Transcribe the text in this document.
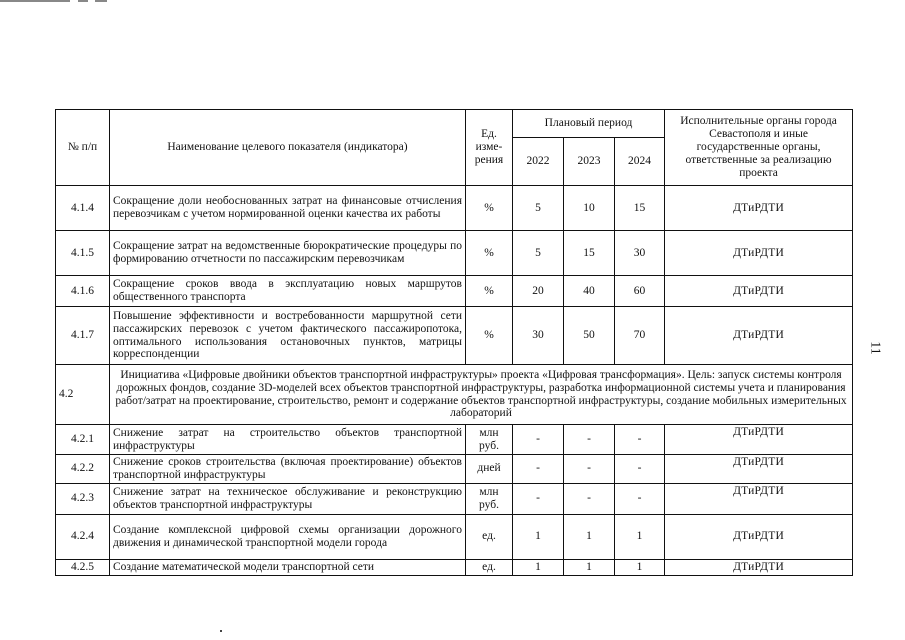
№ п/п	Наименование целевого показателя (индикатора)	Ед. изме-рения	Плановый период			Исполнительные органы города Севастополя и иные государственные органы, ответственные за реализацию проекта
			2022	2023	2024	
4.1.4	Сокращение доли необоснованных затрат на финансовые отчисления перевозчикам с учетом нормированной оценки качества их работы	%	5	10	15	ДТиРДТИ
4.1.5	Сокращение затрат на ведомственные бюрократические процедуры по формированию отчетности по пассажирским перевозчикам	%	5	15	30	ДТиРДТИ
4.1.6	Сокращение сроков ввода в эксплуатацию новых маршрутов общественного транспорта	%	20	40	60	ДТиРДТИ
4.1.7	Повышение эффективности и востребованности маршрутной сети пассажирских перевозок с учетом фактического пассажиропотока, оптимального использования остановочных пунктов, матрицы корреспонденции	%	30	50	70	ДТиРДТИ
4.2	Инициатива «Цифровые двойники объектов транспортной инфраструктуры» проекта «Цифровая трансформация». Цель: запуск системы контроля дорожных фондов, создание 3D-моделей всех объектов транспортной инфраструктуры, разработка информационной системы учета и планирования работ/затрат на проектирование, строительство, ремонт и содержание объектов транспортной инфраструктуры, создание мобильных измерительных лабораторий					
4.2.1	Снижение затрат на строительство объектов транспортной инфраструктуры	млн руб.	-	-	-	ДТиРДТИ
4.2.2	Снижение сроков строительства (включая проектирование) объектов транспортной инфраструктуры	дней	-	-	-	ДТиРДТИ
4.2.3	Снижение затрат на техническое обслуживание и реконструкцию объектов транспортной инфраструктуры	млн руб.	-	-	-	ДТиРДТИ
4.2.4	Создание комплексной цифровой схемы организации дорожного движения и динамической транспортной модели города	ед.	1	1	1	ДТиРДТИ
4.2.5	Создание математической модели транспортной сети	ед.	1	1	1	ДТиРДТИ
11
